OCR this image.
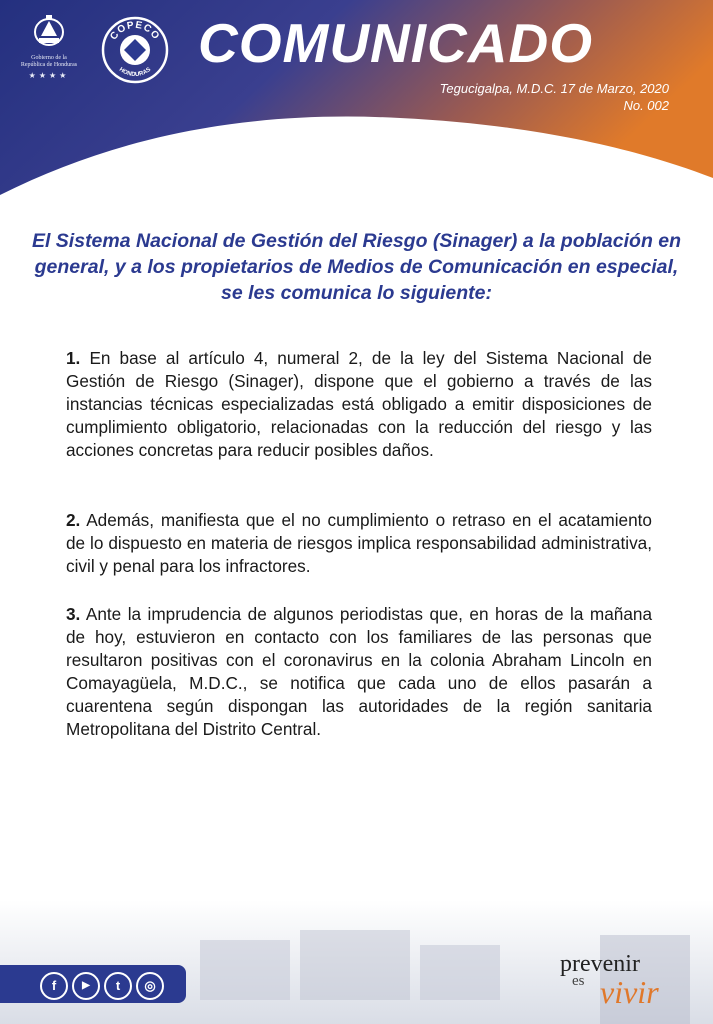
Gobierno de la
República de Honduras
★★★★
COPECO
HONDURAS COMUNICADO
Tegucigalpa, M.D.C. 17 de Marzo, 2020
No. 002
El Sistema Nacional de Gestión del Riesgo (Sinager) a la población en general, y a los propietarios de Medios de Comunicación en especial, se les comunica lo siguiente:
1. En base al artículo 4, numeral 2, de la ley del Sistema Nacional de Gestión de Riesgo (Sinager), dispone que el gobierno a través de las instancias técnicas especializadas está obligado a emitir disposiciones de cumplimiento obligatorio, relacionadas con la reducción del riesgo y las acciones concretas para reducir posibles daños.
2. Además, manifiesta que el no cumplimiento o retraso en el acatamiento de lo dispuesto en materia de riesgos implica responsabilidad administrativa, civil y penal para los infractores.
3. Ante la imprudencia de algunos periodistas que, en horas de la mañana de hoy, estuvieron en contacto con los familiares de las personas que resultaron positivas con el coronavirus en la colonia Abraham Lincoln en Comayagüela, M.D.C., se notifica que cada uno de ellos pasarán a cuarentena según dispongan las autoridades de la región sanitaria Metropolitana del Distrito Central.
f	▶	t	◎
prevenir
es vivir
